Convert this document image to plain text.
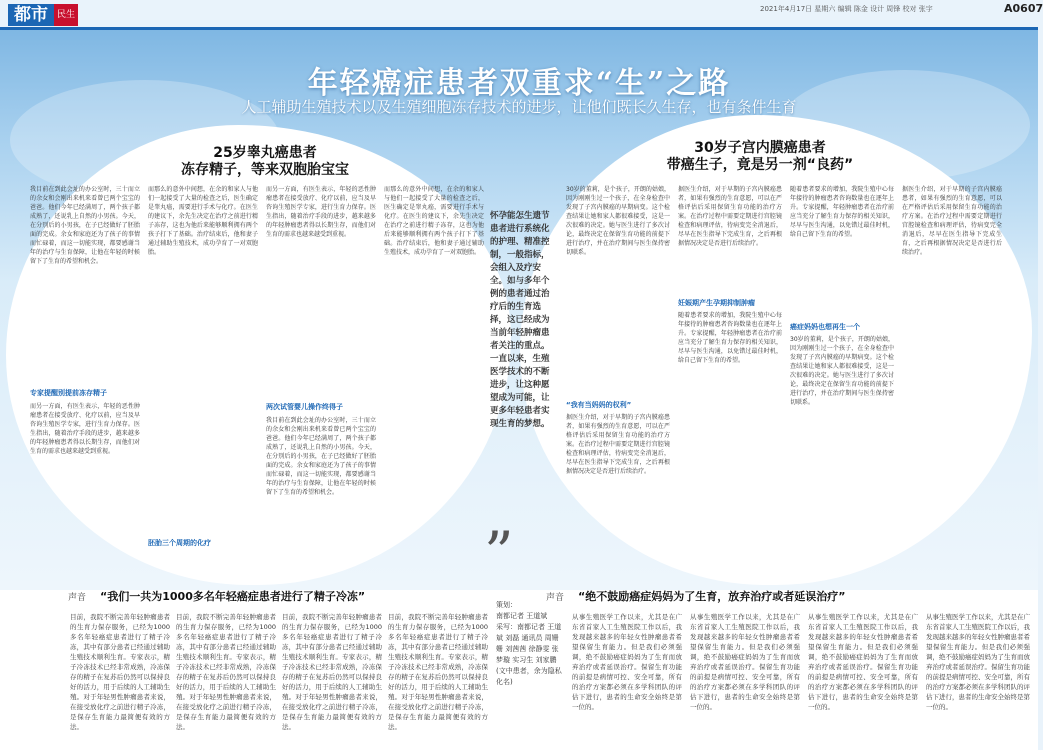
都市	民生
2021年4月17日 星期六 编辑 陈金 设计 周锋 校对 张宇	A0607
年轻癌症患者双重求“生”之路
人工辅助生殖技术以及生殖细胞冻存技术的进步，让他们既长久生存，也有条件生育
25岁睾丸癌患者
冻存精子，等来双胞胎宝宝
我目前在到此会址的办公室时，三十而立的余女和会刚出来机来看曾已两个宝宝的爸爸。他们今年已经满周了，两个孩子都成熟了，还说乳上自然的小男孩。今天，在分别后的小男孩，在子已经做好了胚胎面的完成。余女和家庭还为了孩子的事情而忙碌着，而这一切能实现，都要感谢当年的治疗与生育保障，让他在年轻的时候留下了生育的希望和机会。
专家提醒别提前冻存精子
而另一方面，有医生表示，年轻的恶性肿瘤患者在接受放疗、化疗以前，应当及早咨询生殖医学专家，进行生育力保存。医生指出，随着治疗手段的进步，越来越多的年轻肿瘤患者得以长期生存，而他们对生育的需求也越来越受到重视。
而那么的意外中间想，在余的和家人与他们一起接受了大量的检查之后，医生确定是睾丸癌，需要进行手术与化疗。在医生的建议下，余先生决定在治疗之前进行精子冻存，这也为他后来能够顺利拥有两个孩子打下了基础。治疗结束后，他和妻子通过辅助生殖技术，成功孕育了一对双胞胎。
胚胎三个周期的化疗
而另一方面，有医生表示，年轻的恶性肿瘤患者在接受放疗、化疗以前，应当及早咨询生殖医学专家，进行生育力保存。医生指出，随着治疗手段的进步，越来越多的年轻肿瘤患者得以长期生存，而他们对生育的需求也越来越受到重视。
两次试管婴儿操作终得子
我目前在到此会址的办公室时，三十而立的余女和会刚出来机来看曾已两个宝宝的爸爸。他们今年已经满周了，两个孩子都成熟了，还说乳上自然的小男孩。今天，在分别后的小男孩，在子已经做好了胚胎面的完成。余女和家庭还为了孩子的事情而忙碌着，而这一切能实现，都要感谢当年的治疗与生育保障，让他在年轻的时候留下了生育的希望和机会。
而那么的意外中间想，在余的和家人与他们一起接受了大量的检查之后，医生确定是睾丸癌，需要进行手术与化疗。在医生的建议下，余先生决定在治疗之前进行精子冻存，这也为他后来能够顺利拥有两个孩子打下了基础。治疗结束后，他和妻子通过辅助生殖技术，成功孕育了一对双胞胎。
怀孕能怎生遗节患者进行系统化的护理、精准控制，一般指标，会组入及疗安全。如与多年个例的患者通过治疗后的生育选择，这已经成为当前年轻肿瘤患者关注的重点。一直以来，生殖医学技术的不断进步，让这种愿望成为可能，让更多年轻患者实现生育的梦想。
”
30岁子宫内膜癌患者
带癌生子，竟是另一剂“良药”
30岁的董莉，是个孩子，开朗的姑娘，因为刚刚生过一个孩子，在全身检查中发现了子宫内膜癌的早期病变。这个检查结果让她和家人都很难接受，这是一次很难的决定。她与医生进行了多次讨论，最终决定在保留生育功能的前提下进行治疗，并在治疗期间与医生保持密切联系。
“我有当妈妈的权利”
据医生介绍，对于早期的子宫内膜癌患者，如果有强烈的生育意愿，可以在严格评估后采用保留生育功能的治疗方案。在治疗过程中需要定期进行宫腔镜检查和病理评估，待病变完全消退后，尽早在医生指导下完成生育，之后再根据情况决定是否进行后续治疗。
据医生介绍，对于早期的子宫内膜癌患者，如果有强烈的生育意愿，可以在严格评估后采用保留生育功能的治疗方案。在治疗过程中需要定期进行宫腔镜检查和病理评估，待病变完全消退后，尽早在医生指导下完成生育，之后再根据情况决定是否进行后续治疗。
妊娠期产生孕期抑制肿瘤
随着患者要求的增加，我院生殖中心每年接待的肿瘤患者咨询数量也在逐年上升。专家提醒，年轻肿瘤患者在治疗前应当充分了解生育力保存的相关知识，尽早与医生沟通，以免错过最佳时机，给自己留下生育的希望。
随着患者要求的增加，我院生殖中心每年接待的肿瘤患者咨询数量也在逐年上升。专家提醒，年轻肿瘤患者在治疗前应当充分了解生育力保存的相关知识，尽早与医生沟通，以免错过最佳时机，给自己留下生育的希望。
癌症妈妈也想再生一个
30岁的董莉，是个孩子，开朗的姑娘，因为刚刚生过一个孩子，在全身检查中发现了子宫内膜癌的早期病变。这个检查结果让她和家人都很难接受，这是一次很难的决定。她与医生进行了多次讨论，最终决定在保留生育功能的前提下进行治疗，并在治疗期间与医生保持密切联系。
据医生介绍，对于早期的子宫内膜癌患者，如果有强烈的生育意愿，可以在严格评估后采用保留生育功能的治疗方案。在治疗过程中需要定期进行宫腔镜检查和病理评估，待病变完全消退后，尽早在医生指导下完成生育，之后再根据情况决定是否进行后续治疗。
声音 “我们一共为1000多名年轻癌症患者进行了精子冷冻”
目前，我院不断完善年轻肿瘤患者的生育力保存服务，已经为1000多名年轻癌症患者进行了精子冷冻，其中有部分患者已经通过辅助生殖技术顺利生育。专家表示，精子冷冻技术已经非常成熟，冷冻保存的精子在复苏后仍然可以保持良好的活力，用于后续的人工辅助生殖。对于年轻男性肿瘤患者来说，在接受放化疗之前进行精子冷冻，是保存生育能力最简便有效的方法。
目前，我院不断完善年轻肿瘤患者的生育力保存服务，已经为1000多名年轻癌症患者进行了精子冷冻，其中有部分患者已经通过辅助生殖技术顺利生育。专家表示，精子冷冻技术已经非常成熟，冷冻保存的精子在复苏后仍然可以保持良好的活力，用于后续的人工辅助生殖。对于年轻男性肿瘤患者来说，在接受放化疗之前进行精子冷冻，是保存生育能力最简便有效的方法。
目前，我院不断完善年轻肿瘤患者的生育力保存服务，已经为1000多名年轻癌症患者进行了精子冷冻，其中有部分患者已经通过辅助生殖技术顺利生育。专家表示，精子冷冻技术已经非常成熟，冷冻保存的精子在复苏后仍然可以保持良好的活力，用于后续的人工辅助生殖。对于年轻男性肿瘤患者来说，在接受放化疗之前进行精子冷冻，是保存生育能力最简便有效的方法。
目前，我院不断完善年轻肿瘤患者的生育力保存服务，已经为1000多名年轻癌症患者进行了精子冷冻，其中有部分患者已经通过辅助生殖技术顺利生育。专家表示，精子冷冻技术已经非常成熟，冷冻保存的精子在复苏后仍然可以保持良好的活力，用于后续的人工辅助生殖。对于年轻男性肿瘤患者来说，在接受放化疗之前进行精子冷冻，是保存生育能力最简便有效的方法。
策划：
南都记者 王道斌
采写：南都记者 王道
斌 刘磊 通讯员 周姗
姗 刘茜茜 徐静雯 张
梦璇 实习生 刘家鹏
(文中患者，余为隐私
化名)
声音 “绝不鼓励癌症妈妈为了生育，放弃治疗或者延误治疗”
从事生殖医学工作以来，尤其是在广东省首家人工生殖医院工作以后，我发现越来越多的年轻女性肿瘤患者希望保留生育能力。但是我们必须强调，绝不鼓励癌症妈妈为了生育而放弃治疗或者延误治疗。保留生育功能的前提是病情可控、安全可靠，所有的治疗方案都必须在多学科团队的评估下进行，患者的生命安全始终是第一位的。
从事生殖医学工作以来，尤其是在广东省首家人工生殖医院工作以后，我发现越来越多的年轻女性肿瘤患者希望保留生育能力。但是我们必须强调，绝不鼓励癌症妈妈为了生育而放弃治疗或者延误治疗。保留生育功能的前提是病情可控、安全可靠，所有的治疗方案都必须在多学科团队的评估下进行，患者的生命安全始终是第一位的。
从事生殖医学工作以来，尤其是在广东省首家人工生殖医院工作以后，我发现越来越多的年轻女性肿瘤患者希望保留生育能力。但是我们必须强调，绝不鼓励癌症妈妈为了生育而放弃治疗或者延误治疗。保留生育功能的前提是病情可控、安全可靠，所有的治疗方案都必须在多学科团队的评估下进行，患者的生命安全始终是第一位的。
从事生殖医学工作以来，尤其是在广东省首家人工生殖医院工作以后，我发现越来越多的年轻女性肿瘤患者希望保留生育能力。但是我们必须强调，绝不鼓励癌症妈妈为了生育而放弃治疗或者延误治疗。保留生育功能的前提是病情可控、安全可靠，所有的治疗方案都必须在多学科团队的评估下进行，患者的生命安全始终是第一位的。
